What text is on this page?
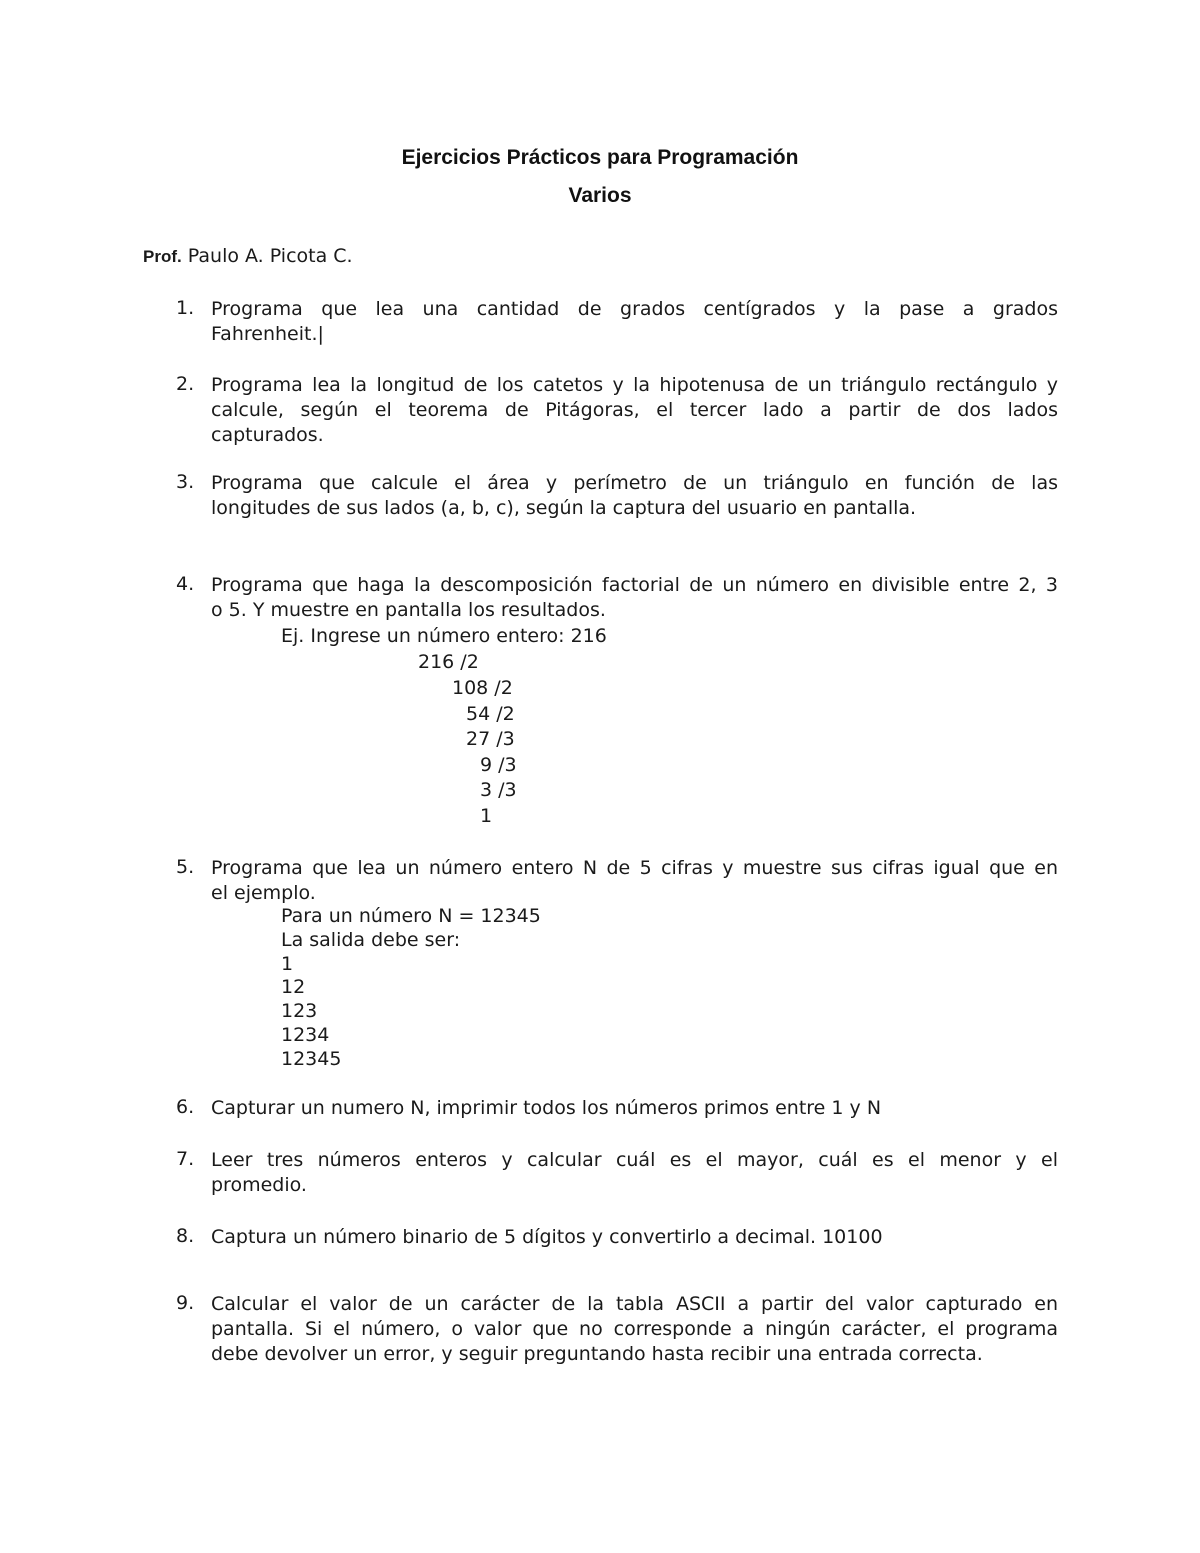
Ejercicios Prácticos para Programación
Varios
Prof. Paulo A. Picota C.
1. Programa que lea una cantidad de grados centígrados y la pase a grados
Fahrenheit.|
2. Programa lea la longitud de los catetos y la hipotenusa de un triángulo rectángulo y
calcule, según el teorema de Pitágoras, el tercer lado a partir de dos lados
capturados.
3. Programa que calcule el área y perímetro de un triángulo en función de las
longitudes de sus lados (a, b, c), según la captura del usuario en pantalla.
4. Programa que haga la descomposición factorial de un número en divisible entre 2, 3
o 5. Y muestre en pantalla los resultados.
Ej. Ingrese un número entero: 216
216 /2
108 /2
54 /2
27 /3
9 /3
3 /3
1
5. Programa que lea un número entero N de 5 cifras y muestre sus cifras igual que en
el ejemplo.
Para un número N = 12345
La salida debe ser:
1
12
123
1234
12345
6. Capturar un numero N, imprimir todos los números primos entre 1 y N
7. Leer tres números enteros y calcular cuál es el mayor, cuál es el menor y el
promedio.
8. Captura un número binario de 5 dígitos y convertirlo a decimal. 10100
9. Calcular el valor de un carácter de la tabla ASCII a partir del valor capturado en
pantalla. Si el número, o valor que no corresponde a ningún carácter, el programa
debe devolver un error, y seguir preguntando hasta recibir una entrada correcta.
